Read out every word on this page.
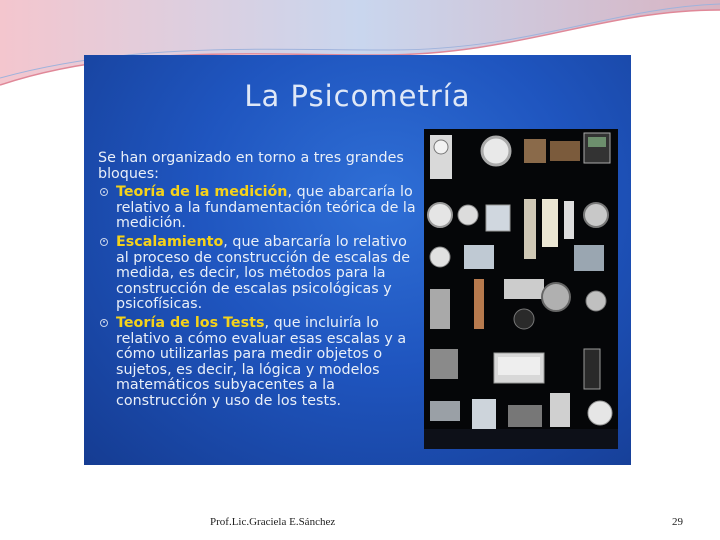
La Psicometría
Se han organizado en torno a tres grandes bloques:
Teoría de la medición, que abarcaría lo relativo a la fundamentación teórica de la medición.
Escalamiento, que abarcaría lo relativo al proceso de construcción de escalas de medida, es decir, los métodos para la construcción de escalas psicológicas y psicofísicas.
Teoría de los Tests, que incluiría lo relativo a cómo evaluar esas escalas y a cómo utilizarlas para medir objetos o sujetos, es decir, la lógica y modelos matemáticos subyacentes a la construcción y uso de los tests.
Prof.Lic.Graciela E.Sánchez	29
